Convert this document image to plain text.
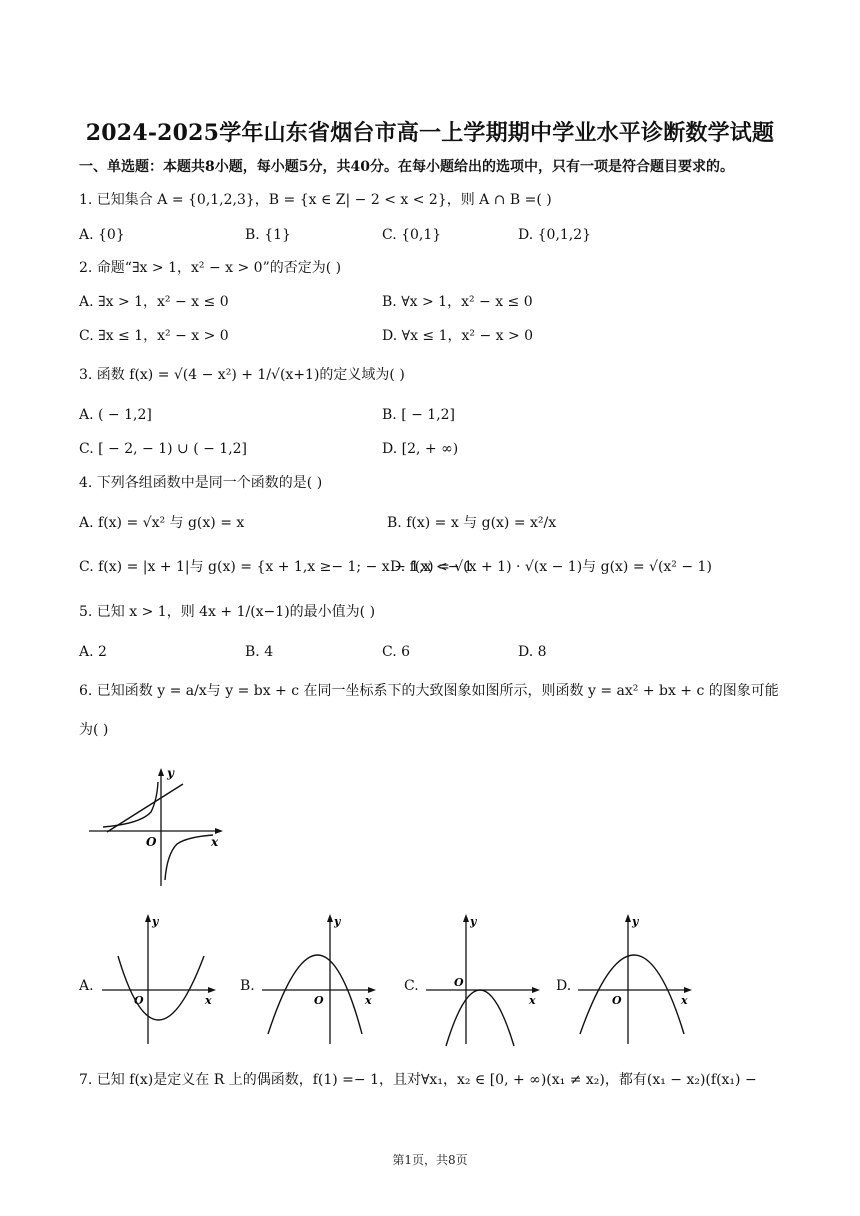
2024-2025学年山东省烟台市高一上学期期中学业水平诊断数学试题
一、单选题：本题共8小题，每小题5分，共40分。在每小题给出的选项中，只有一项是符合题目要求的。
1. 已知集合 A = {0,1,2,3}，B = {x ∈ Z| − 2 < x < 2}，则 A ∩ B =( )
A. {0}	B. {1}	C. {0,1}	D. {0,1,2}
2. 命题“∃x > 1，x² − x > 0”的否定为( )
A. ∃x > 1，x² − x ≤ 0	B. ∀x > 1，x² − x ≤ 0
C. ∃x ≤ 1，x² − x > 0	D. ∀x ≤ 1，x² − x > 0
3. 函数 f(x) = √(4 − x²) + 1/√(x+1)的定义域为( )
A. ( − 1,2]	B. [ − 1,2]
C. [ − 2, − 1) ∪ ( − 1,2]	D. [2, + ∞)
4. 下列各组函数中是同一个函数的是( )
A. f(x) = √x² 与 g(x) = x	B. f(x) = x 与 g(x) = x²/x
C. f(x) = |x + 1|与 g(x) = {x + 1,x ≥− 1; − x − 1,x <− 1
D. f(x) = √(x + 1) · √(x − 1)与 g(x) = √(x² − 1)
5. 已知 x > 1，则 4x + 1/(x−1)的最小值为( )
A. 2	B. 4	C. 6	D. 8
6. 已知函数 y = a/x与 y = bx + c 在同一坐标系下的大致图象如图所示，则函数 y = ax² + bx + c 的图象可能
为( )
y
x
O
A.	B.	C.	D.
y
x
O
y
x
O
y
x
O
y
x
O
7. 已知 f(x)是定义在 R 上的偶函数，f(1) =− 1，且对∀x₁，x₂ ∈ [0, + ∞)(x₁ ≠ x₂)，都有(x₁ − x₂)(f(x₁) −
第1页，共8页
